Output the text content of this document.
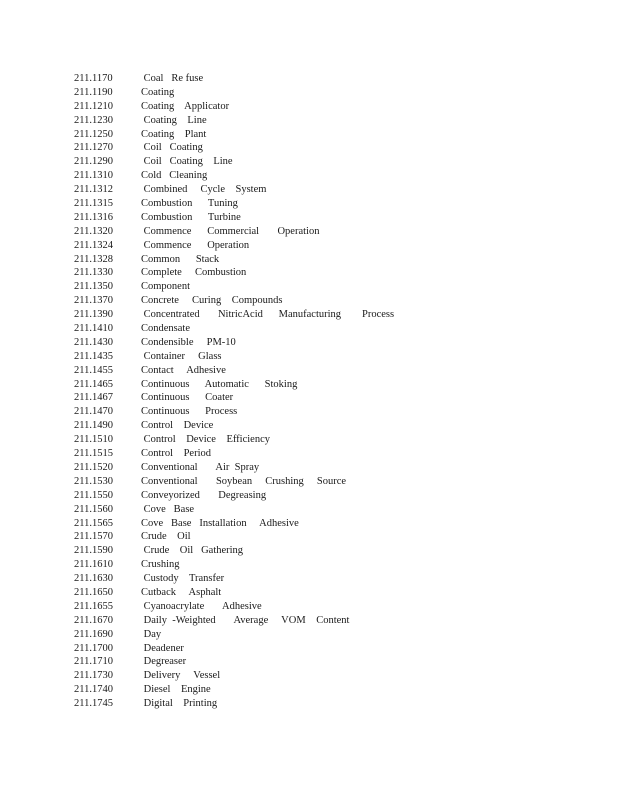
211.1170	Coal   Re fuse
211.1190	Coating
211.1210	Coating    Applicator
211.1230	Coating    Line
211.1250	Coating    Plant
211.1270	Coil   Coating
211.1290	Coil   Coating    Line
211.1310	Cold   Cleaning
211.1312	Combined     Cycle    System
211.1315	Combustion      Tuning
211.1316	Combustion      Turbine
211.1320	Commence      Commercial       Operation
211.1324	Commence      Operation
211.1328	Common      Stack
211.1330	Complete     Combustion
211.1350	Component
211.1370	Concrete     Curing    Compounds
211.1390	Concentrated       NitricAcid      Manufacturing        Process
211.1410	Condensate
211.1430	Condensible     PM-10
211.1435	Container     Glass
211.1455	Contact     Adhesive
211.1465	Continuous      Automatic      Stoking
211.1467	Continuous      Coater
211.1470	Continuous      Process
211.1490	Control    Device
211.1510	Control    Device    Efficiency
211.1515	Control    Period
211.1520	Conventional       Air  Spray
211.1530	Conventional       Soybean     Crushing     Source
211.1550	Conveyorized       Degreasing
211.1560	Cove   Base
211.1565	Cove   Base   Installation     Adhesive
211.1570	Crude    Oil
211.1590	Crude    Oil   Gathering
211.1610	Crushing
211.1630	Custody    Transfer
211.1650	Cutback     Asphalt
211.1655	Cyanoacrylate       Adhesive
211.1670	Daily  -Weighted       Average     VOM    Content
211.1690	Day
211.1700	Deadener
211.1710	Degreaser
211.1730	Delivery     Vessel
211.1740	Diesel    Engine
211.1745	Digital    Printing
